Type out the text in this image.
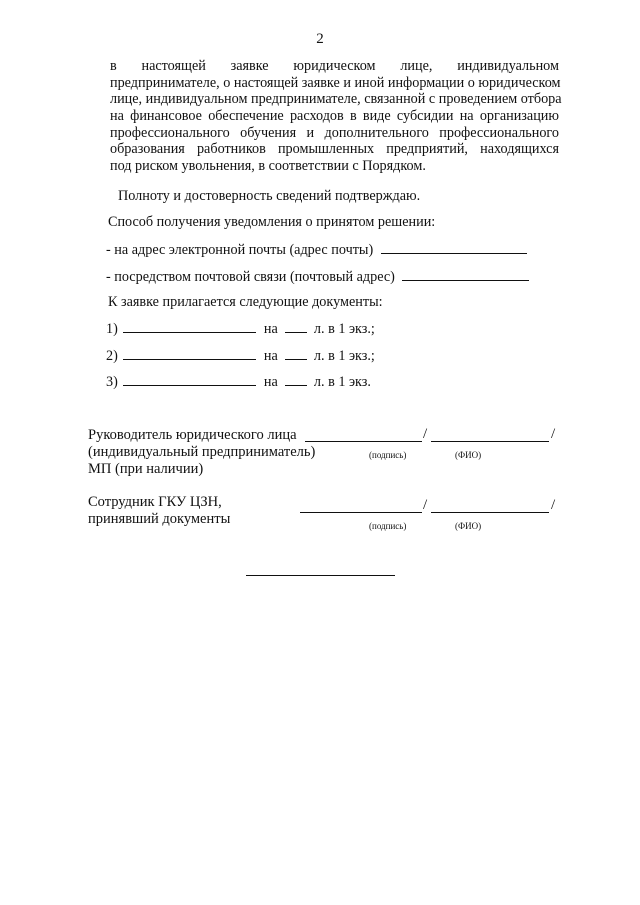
2
в настоящей заявке юридическом лице, индивидуальном
предпринимателе, о настоящей заявке и иной информации о юридическом
лице, индивидуальном предпринимателе, связанной с проведением отбора
на финансовое обеспечение расходов в виде субсидии на организацию
профессионального обучения и дополнительного профессионального
образования работников промышленных предприятий, находящихся
под риском увольнения, в соответствии с Порядком.
Полноту и достоверность сведений подтверждаю.
Способ получения уведомления о принятом решении:
- на адрес электронной почты (адрес почты)
- посредством почтовой связи (почтовый адрес)
К заявке прилагается следующие документы:
1)	на	л. в 1 экз.;
2)	на	л. в 1 экз.;
3)	на	л. в 1 экз.
Руководитель юридического лица
(индивидуальный предприниматель)
МП (при наличии)
/	/
(подпись)	(ФИО)
Сотрудник ГКУ ЦЗН,
принявший документы
/	/
(подпись)	(ФИО)
